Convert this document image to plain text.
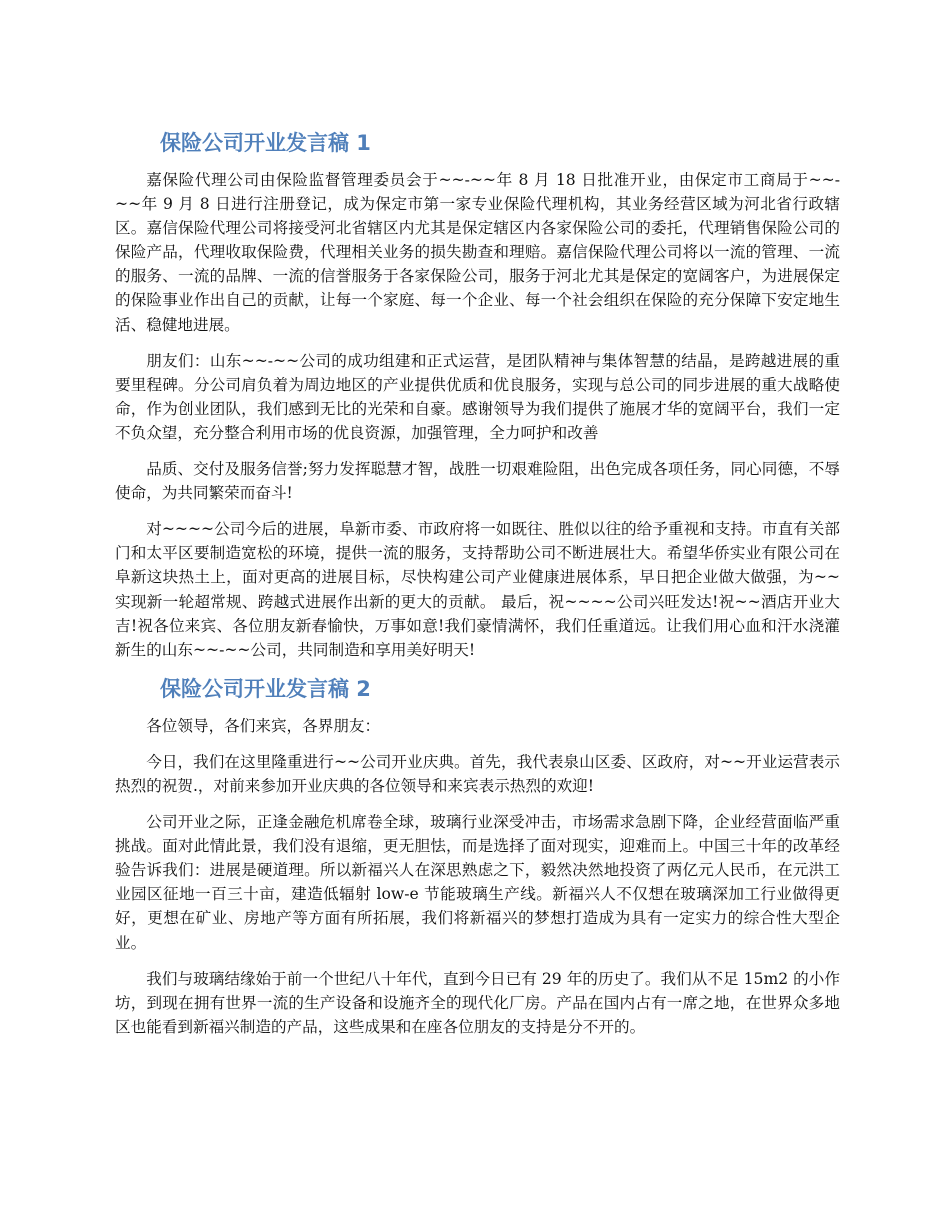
保险公司开业发言稿 1

嘉保险代理公司由保险监督管理委员会于~~-~~年 8 月 18 日批准开业，由保定市工商局于~~-~~年 9 月 8 日进行注册登记，成为保定市第一家专业保险代理机构，其业务经营区域为河北省行政辖区。嘉信保险代理公司将接受河北省辖区内尤其是保定辖区内各家保险公司的委托，代理销售保险公司的保险产品，代理收取保险费，代理相关业务的损失勘查和理赔。嘉信保险代理公司将以一流的管理、一流的服务、一流的品牌、一流的信誉服务于各家保险公司，服务于河北尤其是保定的宽阔客户，为进展保定的保险事业作出自己的贡献，让每一个家庭、每一个企业、每一个社会组织在保险的充分保障下安定地生活、稳健地进展。

朋友们：山东~~-~~公司的成功组建和正式运营，是团队精神与集体智慧的结晶，是跨越进展的重要里程碑。分公司肩负着为周边地区的产业提供优质和优良服务，实现与总公司的同步进展的重大战略使命，作为创业团队，我们感到无比的光荣和自豪。感谢领导为我们提供了施展才华的宽阔平台，我们一定不负众望，充分整合利用市场的优良资源，加强管理，全力呵护和改善

品质、交付及服务信誉;努力发挥聪慧才智，战胜一切艰难险阻，出色完成各项任务，同心同德，不辱使命，为共同繁荣而奋斗!

对~~~~公司今后的进展，阜新市委、市政府将一如既往、胜似以往的给予重视和支持。市直有关部门和太平区要制造宽松的环境，提供一流的服务，支持帮助公司不断进展壮大。希望华侨实业有限公司在阜新这块热土上，面对更高的进展目标，尽快构建公司产业健康进展体系，早日把企业做大做强，为~~实现新一轮超常规、跨越式进展作出新的更大的贡献。 最后，祝~~~~公司兴旺发达!祝~~酒店开业大吉!祝各位来宾、各位朋友新春愉快，万事如意!我们豪情满怀，我们任重道远。让我们用心血和汗水浇灌新生的山东~~-~~公司，共同制造和享用美好明天!

保险公司开业发言稿 2

各位领导，各们来宾，各界朋友：

今日，我们在这里隆重进行~~公司开业庆典。首先，我代表泉山区委、区政府，对~~开业运营表示热烈的祝贺.，对前来参加开业庆典的各位领导和来宾表示热烈的欢迎!

公司开业之际，正逢金融危机席卷全球，玻璃行业深受冲击，市场需求急剧下降，企业经营面临严重挑战。面对此情此景，我们没有退缩，更无胆怯，而是选择了面对现实，迎难而上。中国三十年的改革经验告诉我们：进展是硬道理。所以新福兴人在深思熟虑之下，毅然决然地投资了两亿元人民币，在元洪工业园区征地一百三十亩，建造低辐射 low-e 节能玻璃生产线。新福兴人不仅想在玻璃深加工行业做得更好，更想在矿业、房地产等方面有所拓展，我们将新福兴的梦想打造成为具有一定实力的综合性大型企业。

我们与玻璃结缘始于前一个世纪八十年代，直到今日已有 29 年的历史了。我们从不足 15m2 的小作坊，到现在拥有世界一流的生产设备和设施齐全的现代化厂房。产品在国内占有一席之地，在世界众多地区也能看到新福兴制造的产品，这些成果和在座各位朋友的支持是分不开的。
